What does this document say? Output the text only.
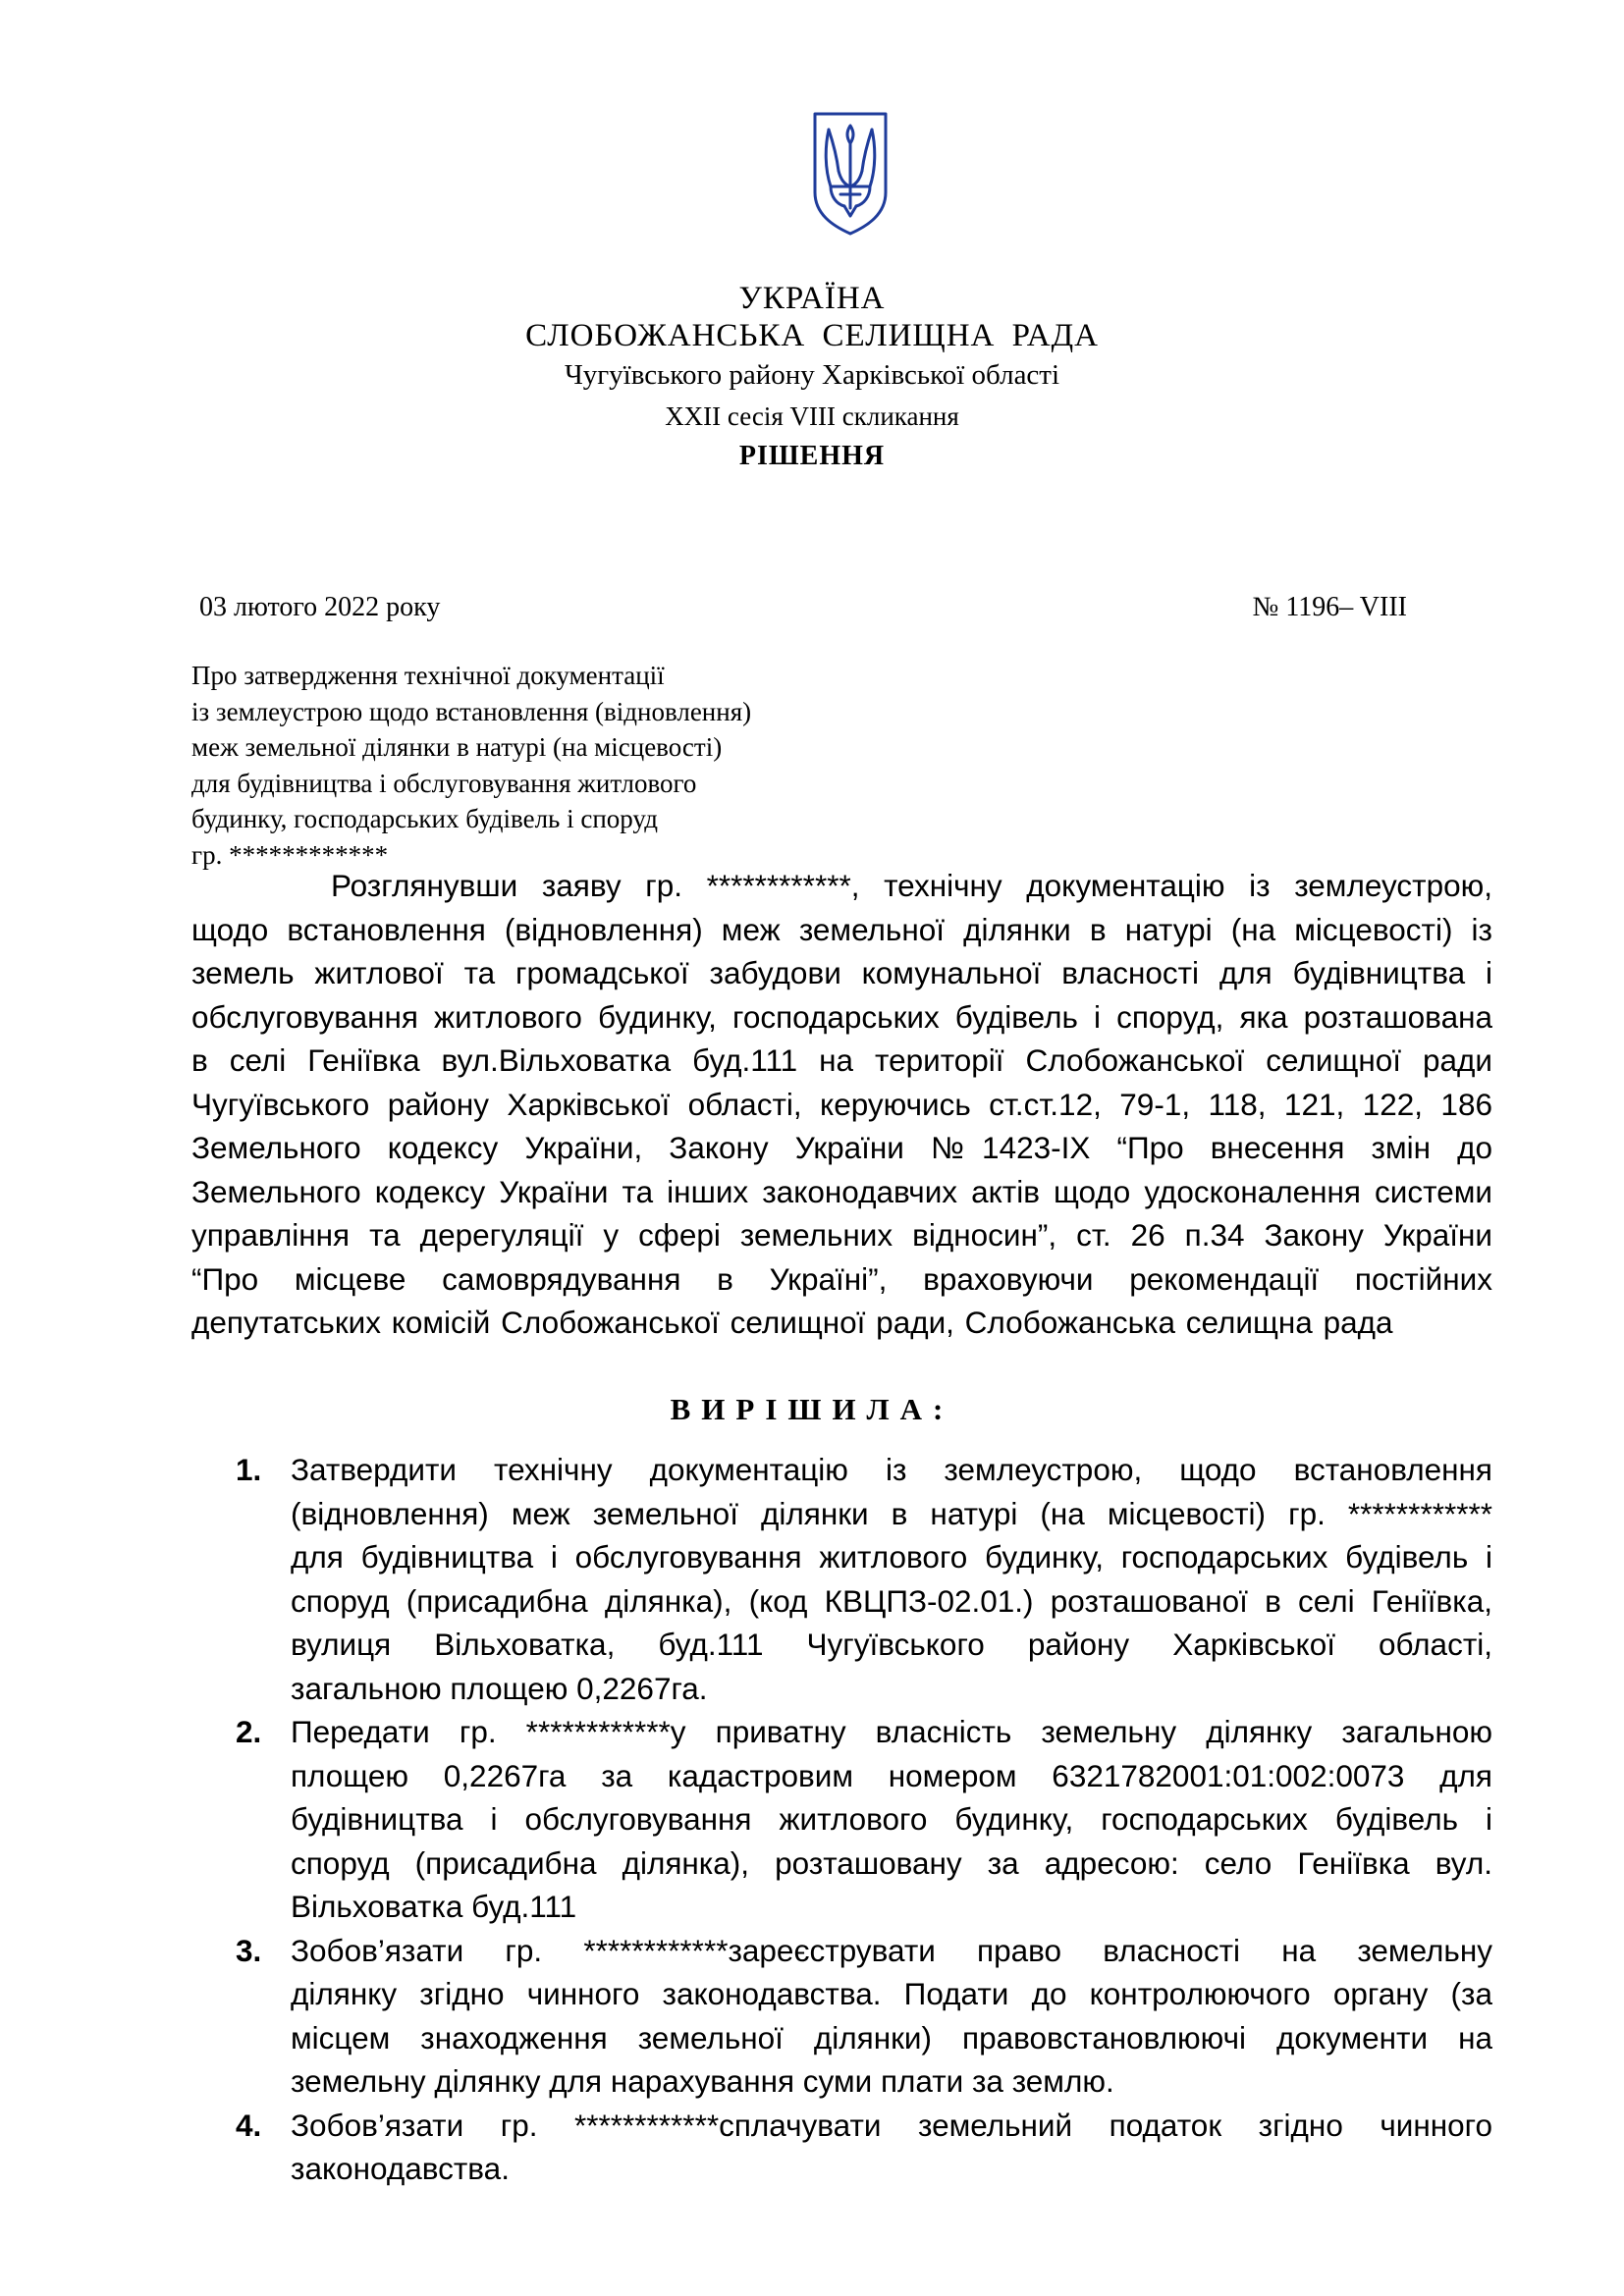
УКРАЇНА
СЛОБОЖАНСЬКА СЕЛИЩНА РАДА
Чугуївського району Харківської області
XXII сесія VIII скликання
РІШЕННЯ
03 лютого 2022 року	№ 1196– VIII
Про затвердження технічної документації
із землеустрою щодо встановлення (відновлення)
меж земельної ділянки в натурі (на місцевості)
для будівництва і обслуговування житлового
будинку, господарських будівель і споруд
гр. ************
Розглянувши заяву гр. ************, технічну документацію із землеустрою,
щодо встановлення (відновлення) меж земельної ділянки в натурі (на місцевості) із
земель житлової та громадської забудови комунальної власності для будівництва і
обслуговування житлового будинку, господарських будівель і споруд, яка розташована
в селі Геніївка вул.Вільховатка буд.111 на території Слобожанської селищної ради
Чугуївського району Харківської області, керуючись ст.ст.12, 79-1, 118, 121, 122, 186
Земельного кодексу України, Закону України №1423-IX “Про внесення змін до
Земельного кодексу України та інших законодавчих актів щодо удосконалення системи
управління та дерегуляції у сфері земельних відносин”, ст. 26 п.34 Закону України
“Про місцеве самоврядування в Україні”, враховуючи рекомендації постійних
депутатських комісій Слобожанської селищної ради, Слобожанська селищна рада
ВИРІШИЛА:
1. Затвердити технічну документацію із землеустрою, щодо встановлення
(відновлення) меж земельної ділянки в натурі (на місцевості) гр. ************
для будівництва і обслуговування житлового будинку, господарських будівель і
споруд (присадибна ділянка), (код КВЦПЗ-02.01.) розташованої в селі Геніївка,
вулиця Вільховатка, буд.111 Чугуївського району Харківської області,
загальною площею 0,2267га.
2. Передати гр. ************у приватну власність земельну ділянку загальною
площею 0,2267га за кадастровим номером 6321782001:01:002:0073 для
будівництва і обслуговування житлового будинку, господарських будівель і
споруд (присадибна ділянка), розташовану за адресою: село Геніївка вул.
Вільховатка буд.111
3. Зобов’язати гр. ************зареєструвати право власності на земельну
ділянку згідно чинного законодавства. Подати до контролюючого органу (за
місцем знаходження земельної ділянки) правовстановлюючі документи на
земельну ділянку для нарахування суми плати за землю.
4. Зобов’язати гр. ************сплачувати земельний податок згідно чинного
законодавства.
